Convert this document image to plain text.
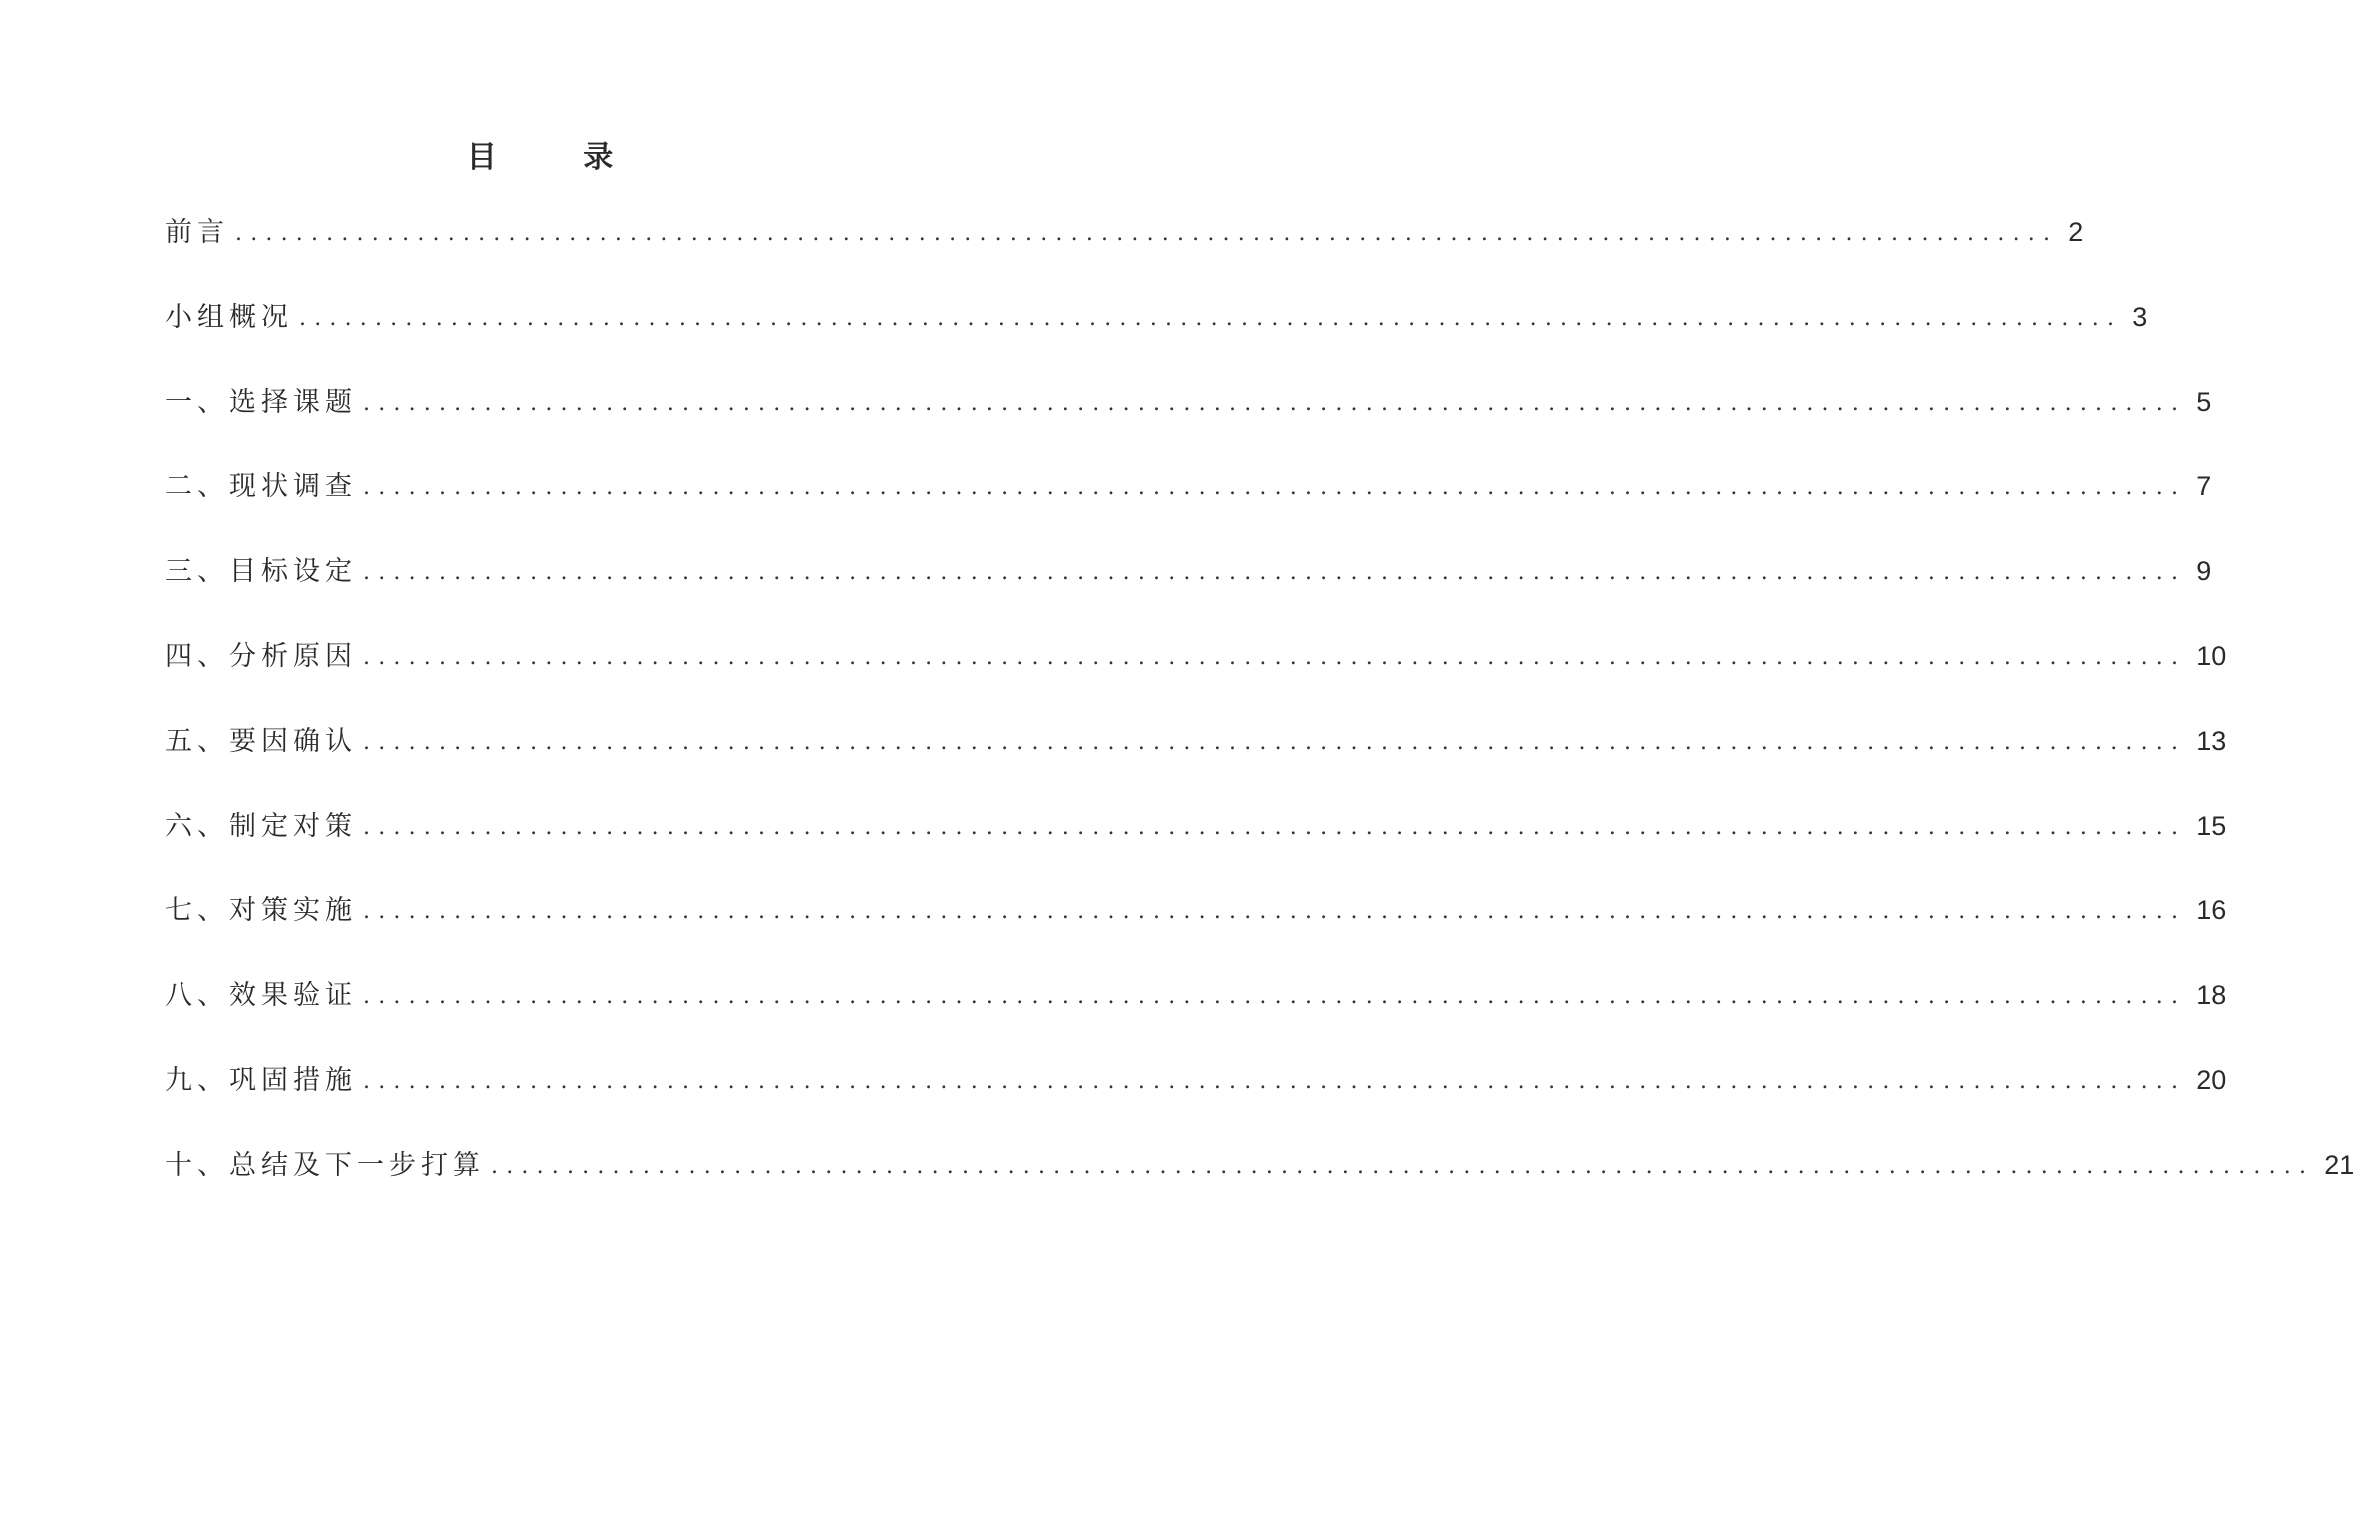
目 录
前言 ........................................................................................................................ 2
小组概况 ........................................................................................................................ 3
一、选择课题 ........................................................................................................................ 5
二、现状调查 ........................................................................................................................ 7
三、目标设定 ........................................................................................................................ 9
四、分析原因 ........................................................................................................................ 10
五、要因确认 ........................................................................................................................ 13
六、制定对策 ........................................................................................................................ 15
七、对策实施 ........................................................................................................................ 16
八、效果验证 ........................................................................................................................ 18
九、巩固措施 ........................................................................................................................ 20
十、总结及下一步打算 ........................................................................................................................ 21
